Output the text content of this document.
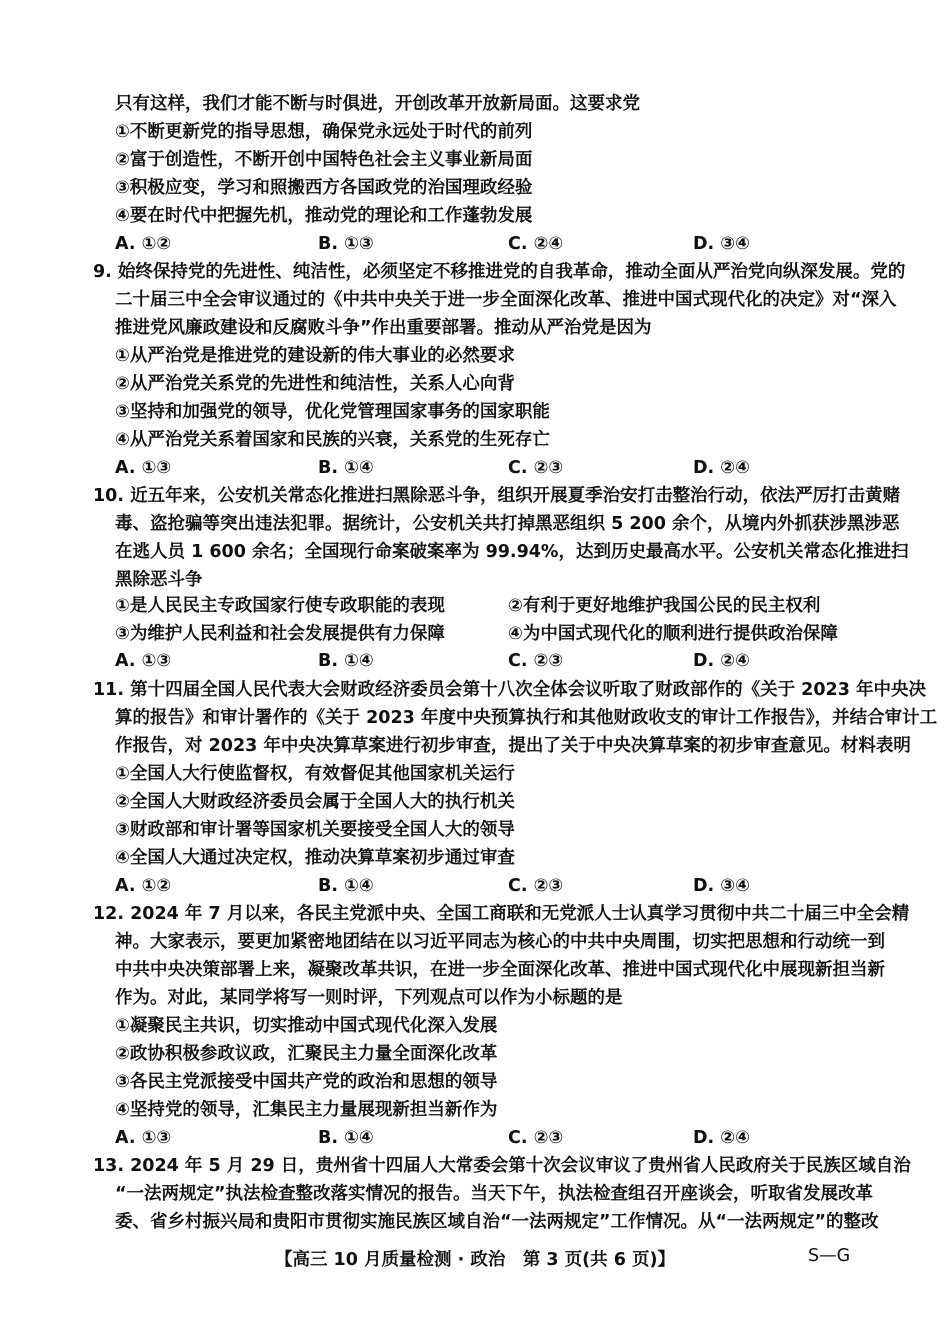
只有这样，我们才能不断与时俱进，开创改革开放新局面。这要求党
①不断更新党的指导思想，确保党永远处于时代的前列
②富于创造性，不断开创中国特色社会主义事业新局面
③积极应变，学习和照搬西方各国政党的治国理政经验
④要在时代中把握先机，推动党的理论和工作蓬勃发展
A. ①②	B. ①③	C. ②④	D. ③④
9. 始终保持党的先进性、纯洁性，必须坚定不移推进党的自我革命，推动全面从严治党向纵深发展。党的
二十届三中全会审议通过的《中共中央关于进一步全面深化改革、推进中国式现代化的决定》对“深入
推进党风廉政建设和反腐败斗争”作出重要部署。推动从严治党是因为
①从严治党是推进党的建设新的伟大事业的必然要求
②从严治党关系党的先进性和纯洁性，关系人心向背
③坚持和加强党的领导，优化党管理国家事务的国家职能
④从严治党关系着国家和民族的兴衰，关系党的生死存亡
A. ①③	B. ①④	C. ②③	D. ②④
10. 近五年来，公安机关常态化推进扫黑除恶斗争，组织开展夏季治安打击整治行动，依法严厉打击黄赌
毒、盗抢骗等突出违法犯罪。据统计，公安机关共打掉黑恶组织 5 200 余个，从境内外抓获涉黑涉恶
在逃人员 1 600 余名；全国现行命案破案率为 99.94%，达到历史最高水平。公安机关常态化推进扫
黑除恶斗争
①是人民民主专政国家行使专政职能的表现	②有利于更好地维护我国公民的民主权利
③为维护人民利益和社会发展提供有力保障	④为中国式现代化的顺利进行提供政治保障
A. ①③	B. ①④	C. ②③	D. ②④
11. 第十四届全国人民代表大会财政经济委员会第十八次全体会议听取了财政部作的《关于 2023 年中央决
算的报告》和审计署作的《关于 2023 年度中央预算执行和其他财政收支的审计工作报告》，并结合审计工
作报告，对 2023 年中央决算草案进行初步审查，提出了关于中央决算草案的初步审查意见。材料表明
①全国人大行使监督权，有效督促其他国家机关运行
②全国人大财政经济委员会属于全国人大的执行机关
③财政部和审计署等国家机关要接受全国人大的领导
④全国人大通过决定权，推动决算草案初步通过审查
A. ①②	B. ①④	C. ②③	D. ③④
12. 2024 年 7 月以来，各民主党派中央、全国工商联和无党派人士认真学习贯彻中共二十届三中全会精
神。大家表示，要更加紧密地团结在以习近平同志为核心的中共中央周围，切实把思想和行动统一到
中共中央决策部署上来，凝聚改革共识，在进一步全面深化改革、推进中国式现代化中展现新担当新
作为。对此，某同学将写一则时评，下列观点可以作为小标题的是
①凝聚民主共识，切实推动中国式现代化深入发展
②政协积极参政议政，汇聚民主力量全面深化改革
③各民主党派接受中国共产党的政治和思想的领导
④坚持党的领导，汇集民主力量展现新担当新作为
A. ①③	B. ①④	C. ②③	D. ②④
13. 2024 年 5 月 29 日，贵州省十四届人大常委会第十次会议审议了贵州省人民政府关于民族区域自治
“一法两规定”执法检查整改落实情况的报告。当天下午，执法检查组召开座谈会，听取省发展改革
委、省乡村振兴局和贵阳市贯彻实施民族区域自治“一法两规定”工作情况。从“一法两规定”的整改
【高三 10 月质量检测 · 政治　第 3 页(共 6 页)】	S—G
